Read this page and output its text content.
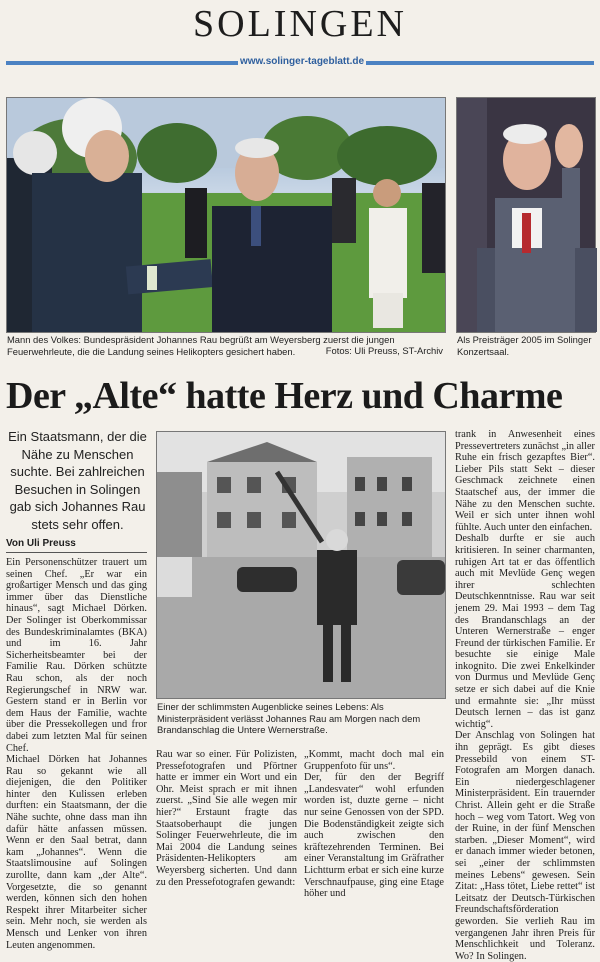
SOLINGEN
www.solinger-tageblatt.de
Mann des Volkes: Bundespräsident Johannes Rau begrüßt am Weyersberg zuerst die jungen Feuerwehrleute, die die Landung seines Helikopters gesichert haben.	Fotos: Uli Preuss, ST-Archiv
Als Preisträger 2005 im Solinger Konzertsaal.
Der „Alte“ hatte Herz und Charme
Ein Staatsmann, der die Nähe zu Menschen suchte. Bei zahlreichen Besuchen in Solingen gab sich Johannes Rau stets sehr offen.
Von Uli Preuss
Ein Personenschützer trauert um seinen Chef. „Er war ein großartiger Mensch und das ging immer über das Dienstliche hinaus“, sagt Michael Dörken. Der Solinger ist Oberkommissar des Bundeskriminalamtes (BKA) und im 16. Jahr Sicherheitsbeamter bei der Familie Rau. Dörken schützte Rau schon, als der noch Regierungschef in NRW war. Gestern stand er in Berlin vor dem Haus der Familie, wachte über die Pressekollegen und fror dabei zum letzten Mal für seinen Chef.
Michael Dörken hat Johannes Rau so gekannt wie all diejenigen, die den Politiker hinter den Kulissen erleben durften: ein Staatsmann, der die Nähe suchte, ohne dass man ihn dafür hätte anfassen müssen. Wenn er den Saal betrat, dann kam „Johannes“. Wenn die Staatslimousine auf Solingen zurollte, dann kam „der Alte“. Vorgesetzte, die so genannt werden, können sich den hohen Respekt ihrer Mitarbeiter sicher sein. Mehr noch, sie werden als Mensch und Lenker von ihren Leuten angenommen.
Einer der schlimmsten Augenblicke seines Lebens: Als Ministerpräsident verlässt Johannes Rau am Morgen nach dem Brandanschlag die Untere Wernerstraße.
Rau war so einer. Für Polizisten, Pressefotografen und Pförtner hatte er immer ein Wort und ein Ohr. Meist sprach er mit ihnen zuerst. „Sind Sie alle wegen mir hier?“ Erstaunt fragte das Staatsoberhaupt die jungen Solinger Feuerwehrleute, die im Mai 2004 die Landung seines Präsidenten-Helikopters am Weyersberg sicherten. Und dann zu den Pressefotografen gewandt:
„Kommt, macht doch mal ein Gruppenfoto für uns“.
Der, für den der Begriff „Landesvater“ wohl erfunden worden ist, duzte gerne – nicht nur seine Genossen von der SPD. Die Bodenständigkeit zeigte sich auch zwischen den kräftezehrenden Terminen. Bei einer Veranstaltung im Gräfrather Lichtturm erbat er sich eine kurze Verschnaufpause, ging eine Etage höher und
trank in Anwesenheit eines Pressevertreters zunächst „in aller Ruhe ein frisch gezapftes Bier“. Lieber Pils statt Sekt – dieser Geschmack zeichnete einen Staatschef aus, der immer die Nähe zu den Menschen suchte. Weil er sich unter ihnen wohl fühlte. Auch unter den einfachen.
Deshalb durfte er sie auch kritisieren. In seiner charmanten, ruhigen Art tat er das öffentlich auch mit Mevlüde Genç wegen ihrer schlechten Deutschkenntnisse. Rau war seit jenem 29. Mai 1993 – dem Tag des Brandanschlags an der Unteren Wernerstraße – enger Freund der türkischen Familie. Er besuchte sie einige Male inkognito. Die zwei Enkelkinder von Durmus und Mevlüde Genç setze er sich dabei auf die Knie und ermahnte sie: „Ihr müsst Deutsch lernen – das ist ganz wichtig“.
Der Anschlag von Solingen hat ihn geprägt. Es gibt dieses Pressebild von einem ST-Fotografen am Morgen danach. Ein niedergeschlagener Ministerpräsident. Ein trauernder Christ. Allein geht er die Straße hoch – weg vom Tatort. Weg von der Ruine, in der fünf Menschen starben. „Dieser Moment“, wird er danach immer wieder betonen, sei „einer der schlimmsten meines Lebens“ gewesen. Sein Zitat: „Hass tötet, Liebe rettet“ ist Leitsatz der Deutsch-Türkischen Freundschaftsförderation geworden. Sie verlieh Rau im vergangenen Jahr ihren Preis für Menschlichkeit und Toleranz. Wo? In Solingen.
